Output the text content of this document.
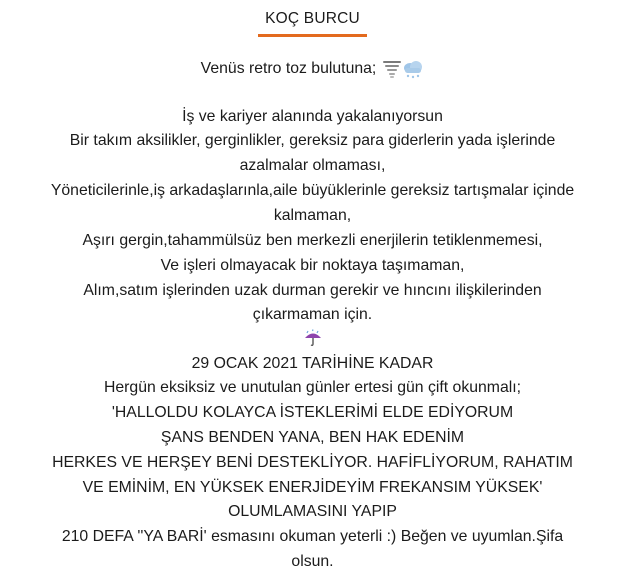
KOÇ BURCU
Venüs retro toz bulutuna;
İş ve kariyer alanında yakalanıyorsun
Bir takım aksilikler, gerginlikler, gereksiz para giderlerin yada işlerinde
azalmalar olmaması,
Yöneticilerinle,iş arkadaşlarınla,aile büyüklerinle gereksiz tartışmalar içinde
kalmaman,
Aşırı gergin,tahammülsüz ben merkezli enerjilerin tetiklenmemesi,
Ve işleri olmayacak bir noktaya taşımaman,
Alım,satım işlerinden uzak durman gerekir ve hıncını ilişkilerinden
çıkarmaman için.
29 OCAK 2021 TARİHİNE KADAR
Hergün eksiksiz ve unutulan günler ertesi gün çift okunmalı;
'HALLOLDU KOLAYCA İSTEKLERİMİ ELDE EDİYORUM
ŞANS BENDEN YANA, BEN HAK EDENİM
HERKES VE HERŞEY BENİ DESTEKLİYOR. HAFİFLİYORUM, RAHATIM
VE EMİNİM, EN YÜKSEK ENERJİDEYİM FREKANSIM YÜKSEK'
OLUMLAMASINI YAPIP
210 DEFA ''YA BARİ' esmasını okuman yeterli :) Beğen ve uyumlan.Şifa
olsun.
